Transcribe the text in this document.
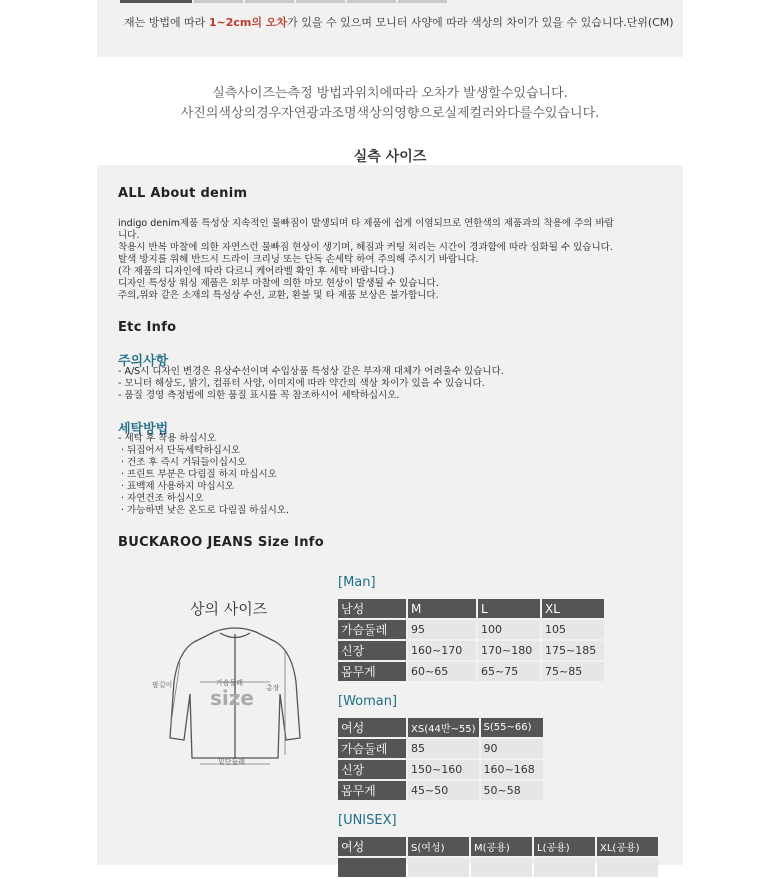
재는 방법에 따라 1~2cm의 오차가 있을 수 있으며 모니터 사양에 따라 색상의 차이가 있을 수 있습니다.단위(CM)
실측사이즈는측정 방법과위치에따라 오차가 발생할수있습니다.
사진의색상의경우자연광과조명색상의영향으로실제컬러와다를수있습니다.
실측 사이즈
ALL About denim
indigo denim제품 특성상 지속적인 물빠짐이 발생되며 타 제품에 쉽게 이염되므로 연한색의 제품과의 착용에 주의 바랍
니다.
착용시 반복 마찰에 의한 자연스런 물빠짐 현상이 생기며, 헤짐과 커팅 처리는 시간이 경과함에 따라 심화될 수 있습니다.
탈색 방지를 위해 반드시 드라이 크리닝 또는 단독 손세탁 하여 주의해 주시기 바랍니다.
(각 제품의 디자인에 따라 다르니 케어라벨 확인 후 세탁 바랍니다.)
디자인 특성상 워싱 제품은 외부 마찰에 의한 마모 현상이 발생될 수 있습니다.
주의,위와 같은 소재의 특성상 수선, 교환, 환불 및 타 제품 보상은 불가합니다.
Etc Info
주의사항
- A/S시 디자인 변경은 유상수선이며 수입상품 특성상 같은 부자재 대체가 어려울수 있습니다.
- 모니터 해상도, 밝기, 컴퓨터 사양, 이미지에 따라 약간의 색상 차이가 있을 수 있습니다.
- 품질 경영 측정법에 의한 품질 표시를 꼭 참조하시어 세탁하십시오.
세탁방법
- 세탁 후 착용 하십시오
· 뒤집어서 단독세탁하십시오
· 건조 후 즉시 거둬들이십시오
· 프린트 부분은 다림질 하지 마십시오
· 표백제 사용하지 마십시오
· 자연건조 하십시오
· 가능하면 낮은 온도로 다림질 하십시오.
BUCKAROO JEANS Size Info
상의 사이즈
size
가슴둘레
팔길이	총장
밑단둘레
[Man]
남성	M	L	XL
가슴둘레	95	100	105
신장	160~170	170~180	175~185
몸무게	60~65	65~75	75~85
[Woman]
여성	XS(44반~55)	S(55~66)
가슴둘레	85	90
신장	150~160	160~168
몸무게	45~50	50~58
[UNISEX]
여성	S(여성)	M(공용)	L(공용)	XL(공용)
